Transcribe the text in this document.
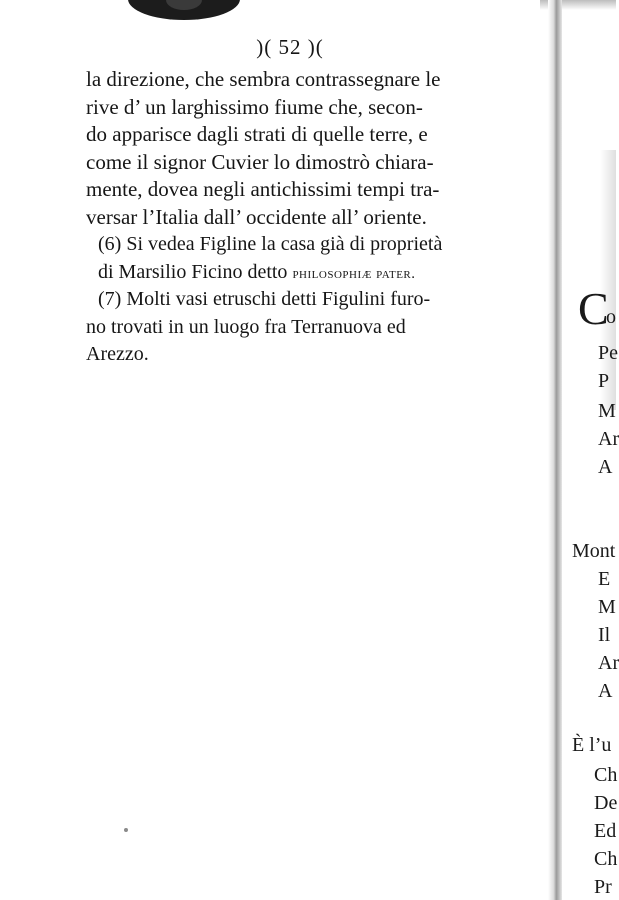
)( 52 )(
la direzione, che sembra contrassegnare le
rive d’ un larghissimo fiume che, secon-
do apparisce dagli strati di quelle terre, e
come il signor Cuvier lo dimostrò chiara-
mente, dovea negli antichissimi tempi tra-
versar l’Italia dall’ occidente all’ oriente.
(6) Si vedea Figline la casa già di proprietà
di Marsilio Ficino detto philosophiæ pater.
(7) Molti vasi etruschi detti Figulini furo-
no trovati in un luogo fra Terranuova ed
Arezzo.
C
o
Pe
P
M
Ar
A
Mont
E
M
Il
Ar
A
È l’u
Ch
De
Ed
Ch
Pr
